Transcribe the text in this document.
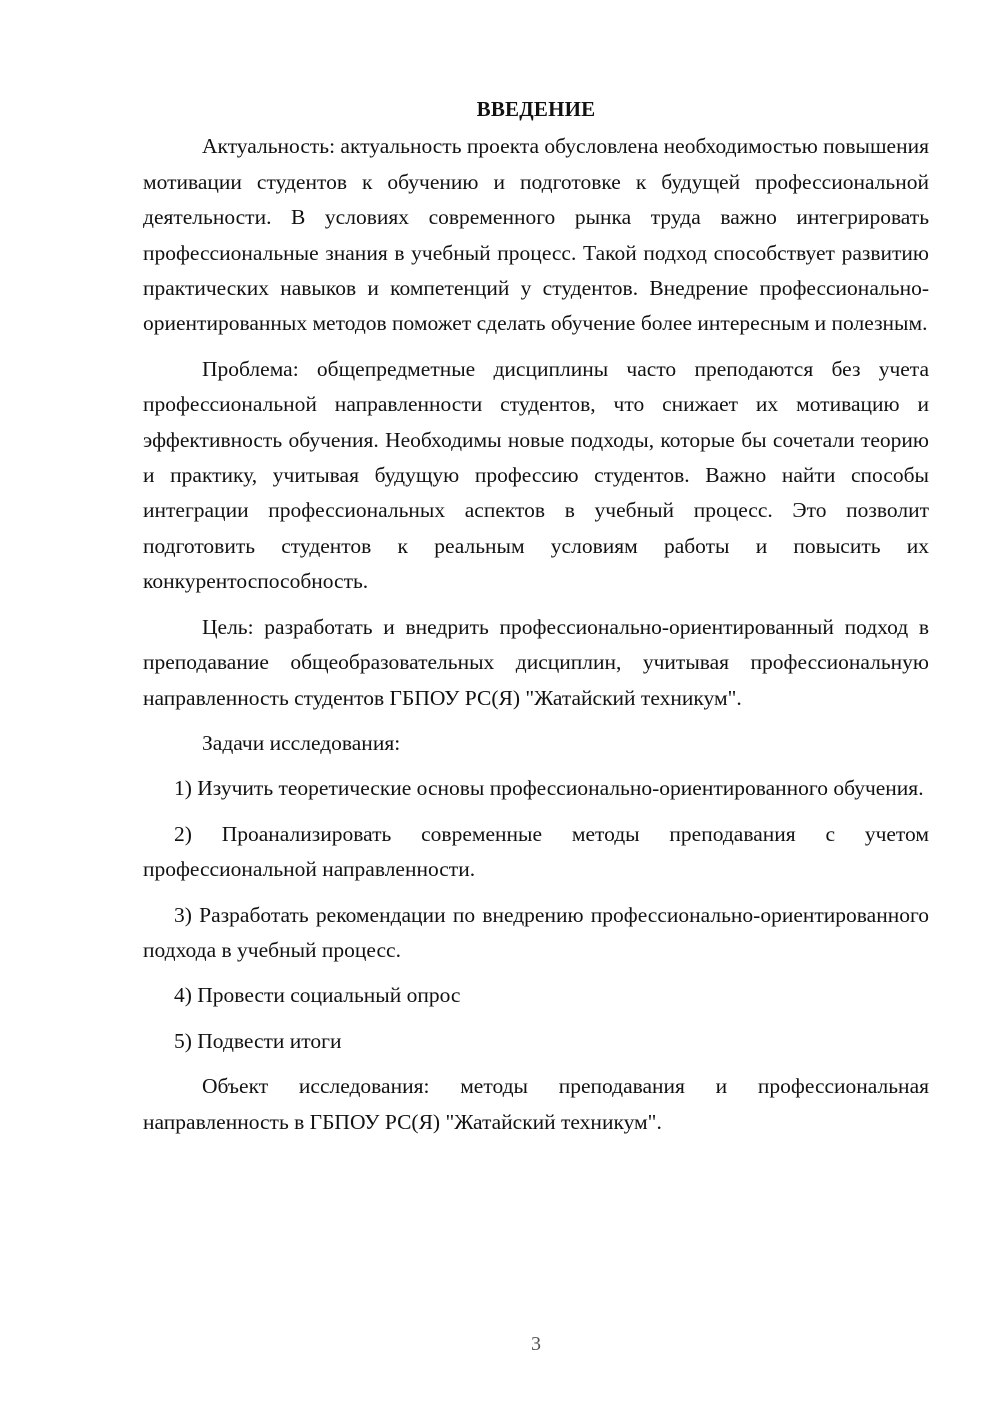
ВВЕДЕНИЕ

Актуальность: актуальность проекта обусловлена необходимостью повышения мотивации студентов к обучению и подготовке к будущей профессиональной деятельности. В условиях современного рынка труда важно интегрировать профессиональные знания в учебный процесс. Такой подход способствует развитию практических навыков и компетенций у студентов. Внедрение профессионально-ориентированных методов поможет сделать обучение более интересным и полезным.

Проблема: общепредметные дисциплины часто преподаются без учета профессиональной направленности студентов, что снижает их мотивацию и эффективность обучения. Необходимы новые подходы, которые бы сочетали теорию и практику, учитывая будущую профессию студентов. Важно найти способы интеграции профессиональных аспектов в учебный процесс. Это позволит подготовить студентов к реальным условиям работы и повысить их конкурентоспособность.

Цель: разработать и внедрить профессионально-ориентированный подход в преподавание общеобразовательных дисциплин, учитывая профессиональную направленность студентов ГБПОУ РС(Я) "Жатайский техникум".

Задачи исследования:

1) Изучить теоретические основы профессионально-ориентированного обучения.

2) Проанализировать современные методы преподавания с учетом профессиональной направленности.

3) Разработать рекомендации по внедрению профессионально-ориентированного подхода в учебный процесс.

4) Провести социальный опрос

5) Подвести итоги

Объект исследования: методы преподавания и профессиональная направленность в ГБПОУ РС(Я) "Жатайский техникум".

3
